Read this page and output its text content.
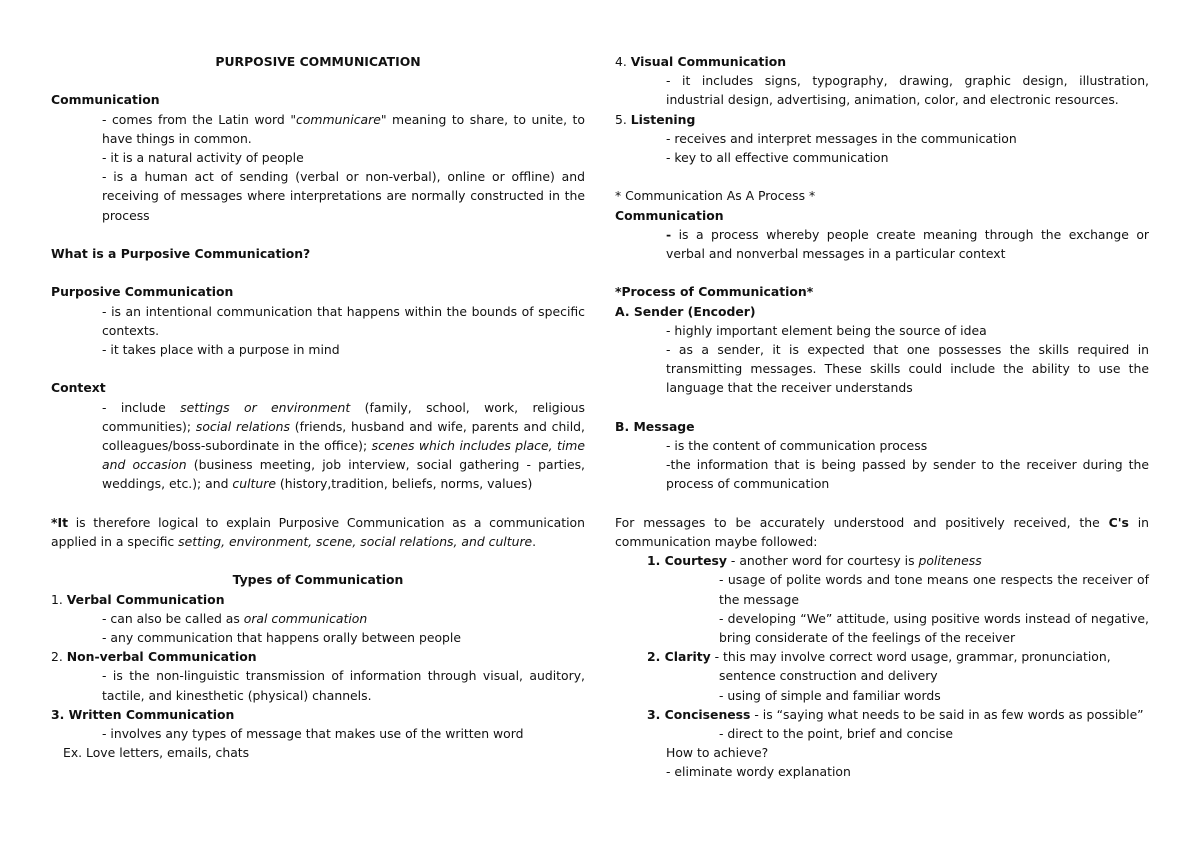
PURPOSIVE COMMUNICATION

Communication

- comes from the Latin word "communicare" meaning to share, to unite, to have things in common.

- it is a natural activity of people

- is a human act of sending (verbal or non-verbal), online or offline) and receiving of messages where interpretations are normally constructed in the process

What is a Purposive Communication?

Purposive Communication

- is an intentional communication that happens within the bounds of specific contexts.

- it takes place with a purpose in mind

Context

- include settings or environment (family, school, work, religious communities); social relations (friends, husband and wife, parents and child, colleagues/boss-subordinate in the office); scenes which includes place, time and occasion (business meeting, job interview, social gathering - parties, weddings, etc.); and culture (history,tradition, beliefs, norms, values)

*It is therefore logical to explain Purposive Communication as a communication applied in a specific setting, environment, scene, social relations, and culture.

Types of Communication

1. Verbal Communication

- can also be called as oral communication

- any communication that happens orally between people

2. Non-verbal Communication

- is the non-linguistic transmission of information through visual, auditory, tactile, and kinesthetic (physical) channels.

3. Written Communication

- involves any types of message that makes use of the written word

Ex. Love letters, emails, chats

4. Visual Communication

- it includes signs, typography, drawing, graphic design, illustration, industrial design, advertising, animation, color, and electronic resources.

5. Listening

- receives and interpret messages in the communication

- key to all effective communication

* Communication As A Process *

Communication

- is a process whereby people create meaning through the exchange or verbal and nonverbal messages in a particular context

*Process of Communication*

A. Sender (Encoder)

- highly important element being the source of idea

- as a sender, it is expected that one possesses the skills required in transmitting messages. These skills could include the ability to use the language that the receiver understands

B. Message

- is the content of communication process

-the information that is being passed by sender to the receiver during the process of communication

For messages to be accurately understood and positively received, the C's in communication maybe followed:

1. Courtesy - another word for courtesy is politeness

- usage of polite words and tone means one respects the receiver of the message

- developing “We” attitude, using positive words instead of negative, bring considerate of the feelings of the receiver

2. Clarity - this may involve correct word usage, grammar, pronunciation,

sentence construction and delivery

- using of simple and familiar words

3. Conciseness - is “saying what needs to be said in as few words as possible”

- direct to the point, brief and concise

How to achieve?

- eliminate wordy explanation
